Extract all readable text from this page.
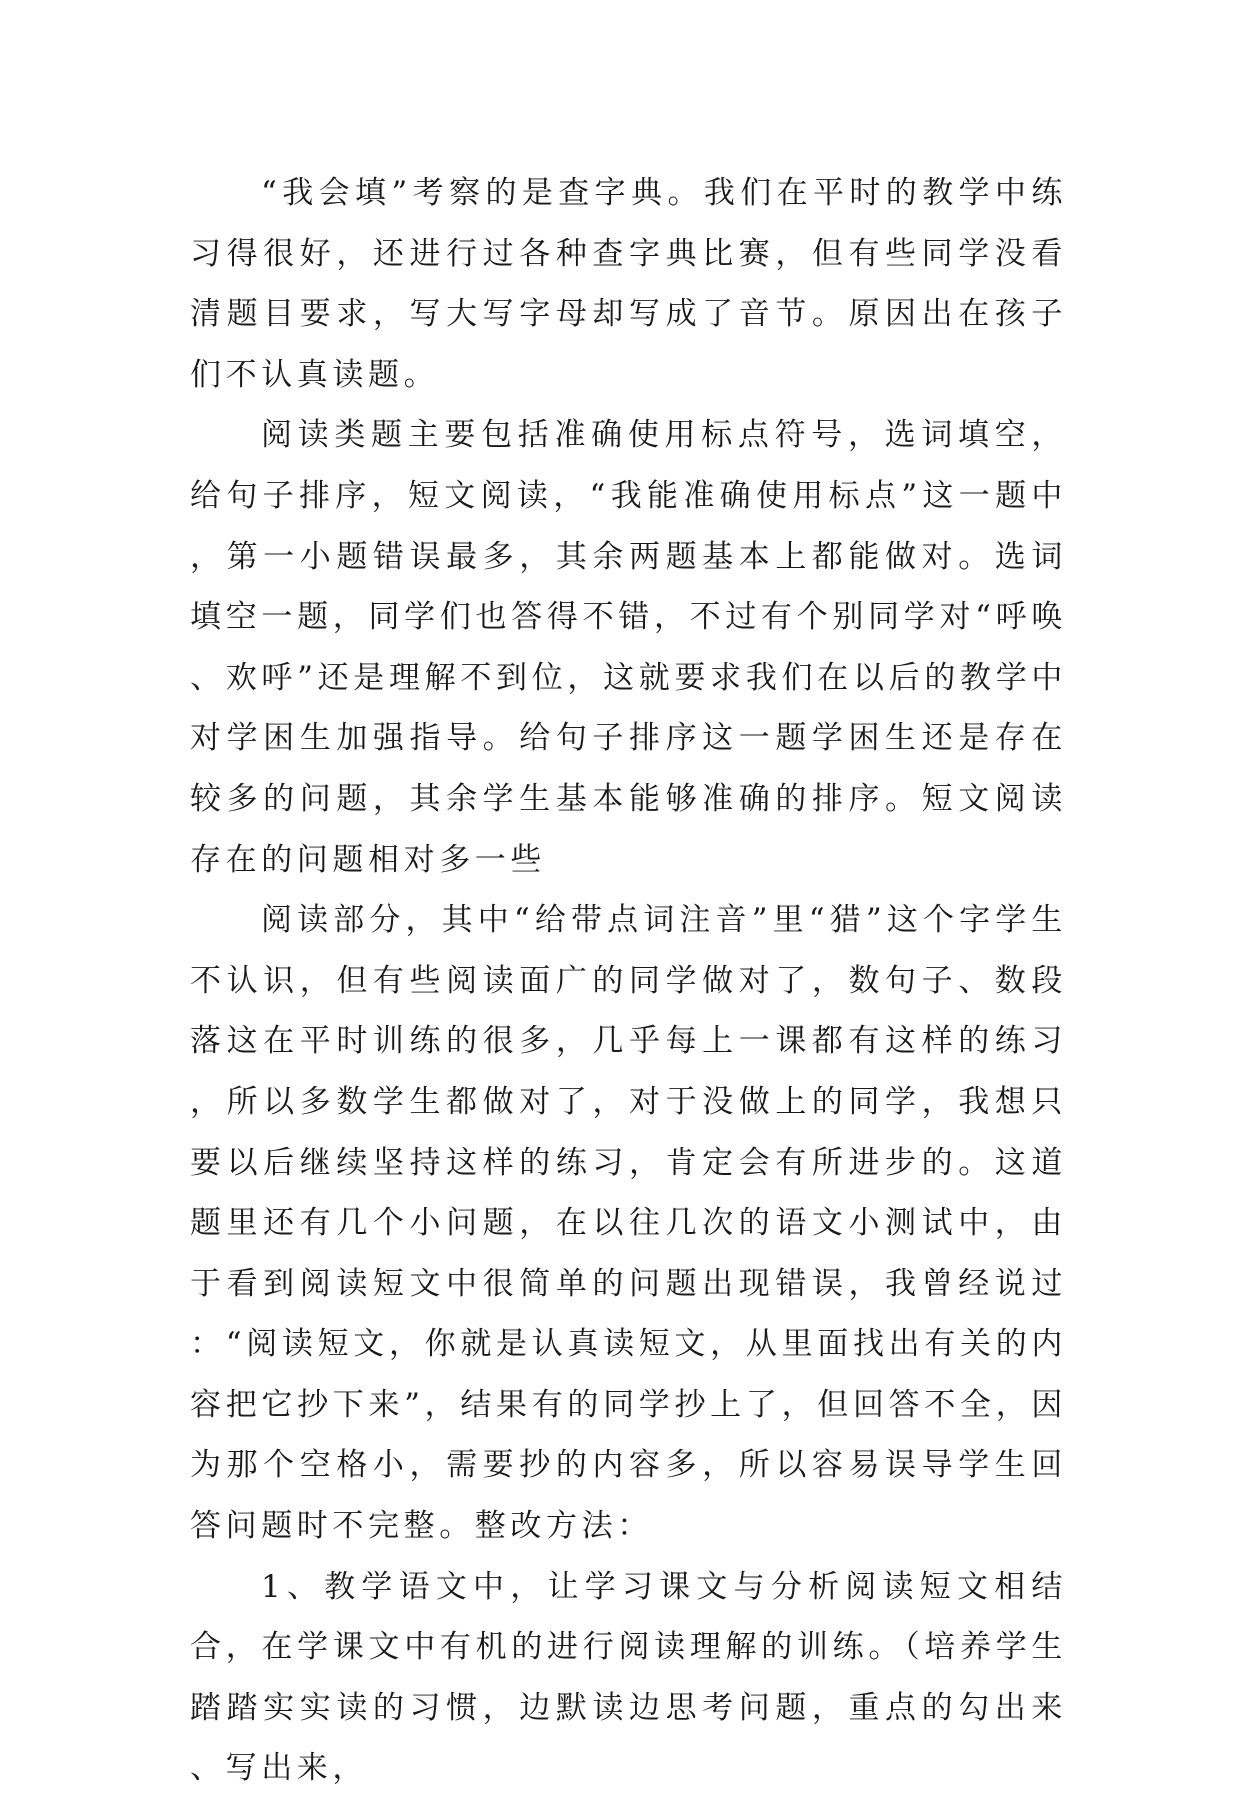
“我会填”考察的是查字典。我们在平时的教学中练习得很好，还进行过各种查字典比赛，但有些同学没看清题目要求，写大写字母却写成了音节。原因出在孩子们不认真读题。

阅读类题主要包括准确使用标点符号，选词填空，给句子排序，短文阅读，“我能准确使用标点”这一题中，第一小题错误最多，其余两题基本上都能做对。选词填空一题，同学们也答得不错，不过有个别同学对“呼唤、欢呼”还是理解不到位，这就要求我们在以后的教学中对学困生加强指导。给句子排序这一题学困生还是存在较多的问题，其余学生基本能够准确的排序。短文阅读存在的问题相对多一些

阅读部分，其中“给带点词注音”里“猎”这个字学生不认识，但有些阅读面广的同学做对了，数句子、数段落这在平时训练的很多，几乎每上一课都有这样的练习，所以多数学生都做对了，对于没做上的同学，我想只要以后继续坚持这样的练习，肯定会有所进步的。这道题里还有几个小问题，在以往几次的语文小测试中，由于看到阅读短文中很简单的问题出现错误，我曾经说过：“阅读短文，你就是认真读短文，从里面找出有关的内容把它抄下来”，结果有的同学抄上了，但回答不全，因为那个空格小，需要抄的内容多，所以容易误导学生回答问题时不完整。整改方法：

1、教学语文中，让学习课文与分析阅读短文相结合，在学课文中有机的进行阅读理解的训练。（培养学生踏踏实实读的习惯，边默读边思考问题，重点的勾出来、写出来，
